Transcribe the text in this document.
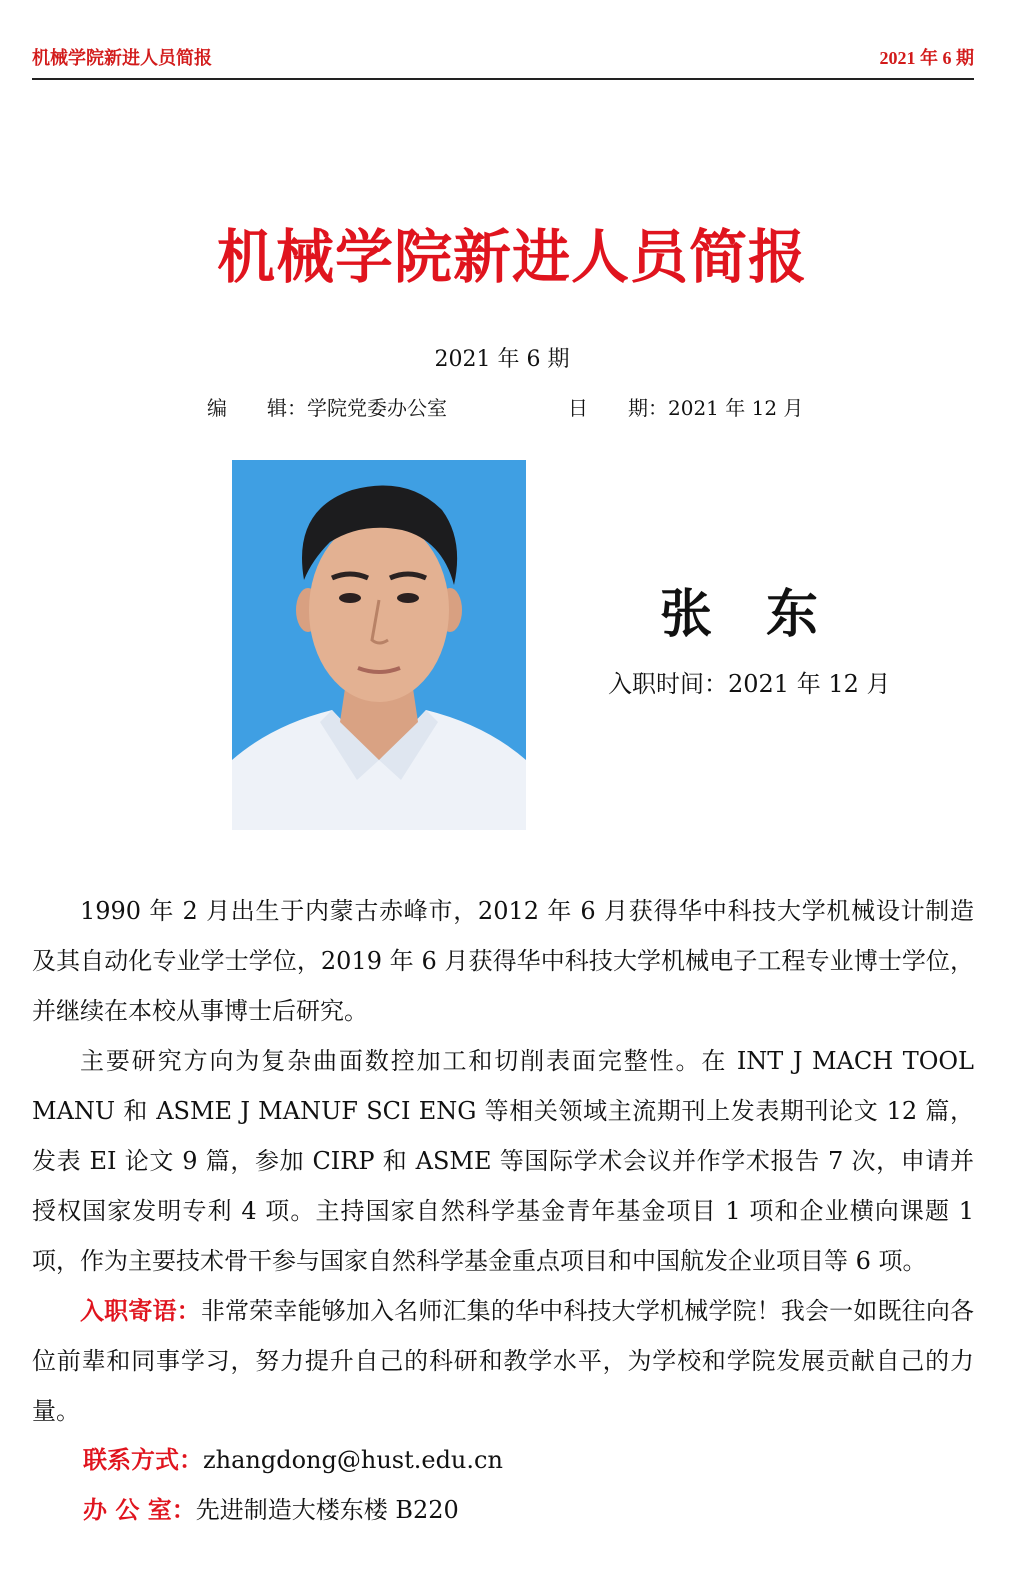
机械学院新进人员简报	2021 年 6 期
机械学院新进人员简报
2021 年 6 期
编　　辑：学院党委办公室	日　　期：2021 年 12 月
张东
入职时间：2021 年 12 月

1990 年 2 月出生于内蒙古赤峰市，2012 年 6 月获得华中科技大学机械设计制造及其自动化专业学士学位，2019 年 6 月获得华中科技大学机械电子工程专业博士学位，并继续在本校从事博士后研究。

主要研究方向为复杂曲面数控加工和切削表面完整性。在 INT J MACH TOOL MANU 和 ASME J MANUF SCI ENG 等相关领域主流期刊上发表期刊论文 12 篇，发表 EI 论文 9 篇，参加 CIRP 和 ASME 等国际学术会议并作学术报告 7 次，申请并授权国家发明专利 4 项。主持国家自然科学基金青年基金项目 1 项和企业横向课题 1 项，作为主要技术骨干参与国家自然科学基金重点项目和中国航发企业项目等 6 项。

入职寄语：非常荣幸能够加入名师汇集的华中科技大学机械学院！我会一如既往向各位前辈和同事学习，努力提升自己的科研和教学水平，为学校和学院发展贡献自己的力量。

联系方式：zhangdong@hust.edu.cn
办 公 室：先进制造大楼东楼 B220
